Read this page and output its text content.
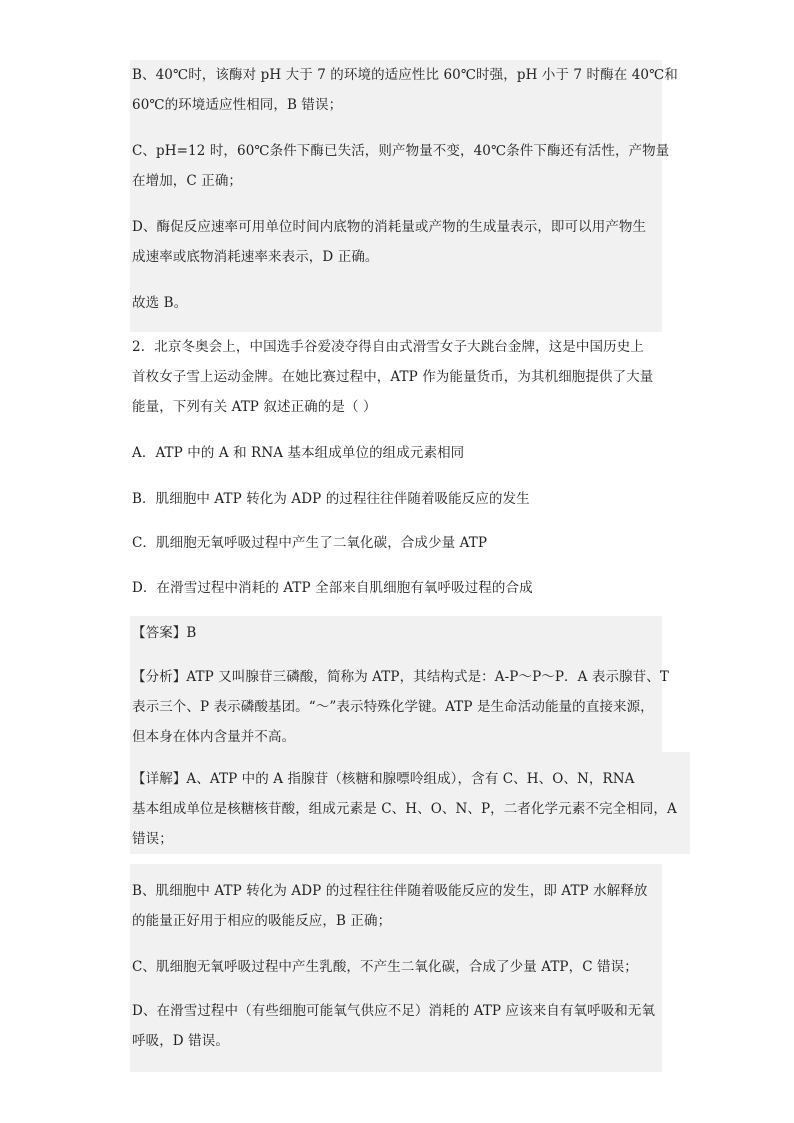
B、40℃时，该酶对 pH 大于 7 的环境的适应性比 60℃时强，pH 小于 7 时酶在 40℃和
60℃的环境适应性相同，B 错误；
C、pH=12 时，60℃条件下酶已失活，则产物量不变，40℃条件下酶还有活性，产物量
在增加，C 正确；
D、酶促反应速率可用单位时间内底物的消耗量或产物的生成量表示，即可以用产物生
成速率或底物消耗速率来表示，D 正确。
故选 B。
2．北京冬奥会上，中国选手谷爱凌夺得自由式滑雪女子大跳台金牌，这是中国历史上
首枚女子雪上运动金牌。在她比赛过程中，ATP 作为能量货币，为其机细胞提供了大量
能量，下列有关 ATP 叙述正确的是（ ）
A．ATP 中的 A 和 RNA 基本组成单位的组成元素相同
B．肌细胞中 ATP 转化为 ADP 的过程往往伴随着吸能反应的发生
C．肌细胞无氧呼吸过程中产生了二氧化碳，合成少量 ATP
D．在滑雪过程中消耗的 ATP 全部来自肌细胞有氧呼吸过程的合成
【答案】B
【分析】ATP 又叫腺苷三磷酸，简称为 ATP，其结构式是：A-P～P～P．A 表示腺苷、T
表示三个、P 表示磷酸基团。“～”表示特殊化学键。ATP 是生命活动能量的直接来源，
但本身在体内含量并不高。
【详解】A、ATP 中的 A 指腺苷（核糖和腺嘌呤组成），含有 C、H、O、N，RNA
基本组成单位是核糖核苷酸，组成元素是 C、H、O、N、P，二者化学元素不完全相同，A
错误；
B、肌细胞中 ATP 转化为 ADP 的过程往往伴随着吸能反应的发生，即 ATP 水解释放
的能量正好用于相应的吸能反应，B 正确；
C、肌细胞无氧呼吸过程中产生乳酸，不产生二氧化碳，合成了少量 ATP，C 错误；
D、在滑雪过程中（有些细胞可能氧气供应不足）消耗的 ATP 应该来自有氧呼吸和无氧
呼吸，D 错误。
